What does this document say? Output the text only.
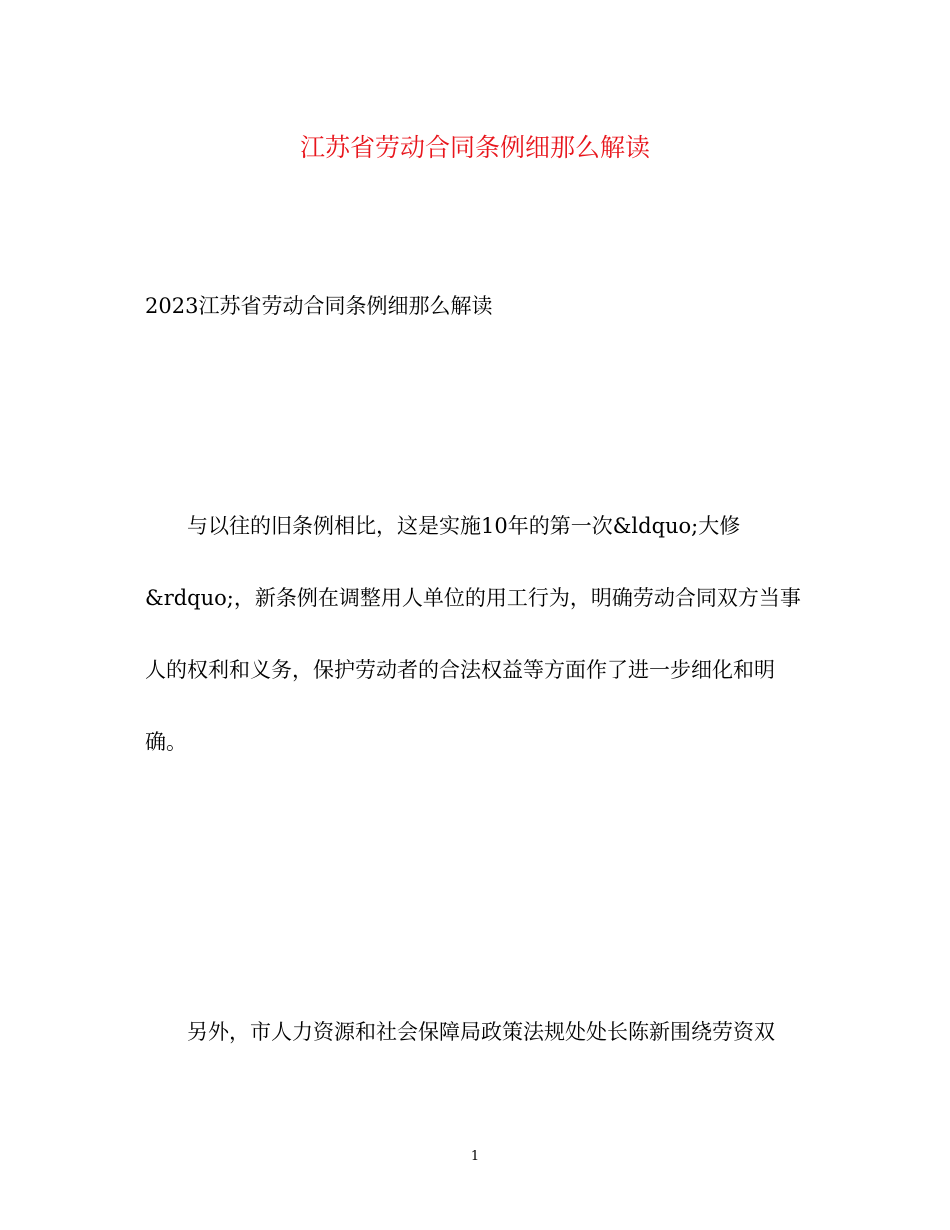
江苏省劳动合同条例细那么解读
2023江苏省劳动合同条例细那么解读
与以往的旧条例相比，这是实施10年的第一次&ldquo;大修
&rdquo;，新条例在调整用人单位的用工行为，明确劳动合同双方当事
人的权利和义务，保护劳动者的合法权益等方面作了进一步细化和明
确。
另外，市人力资源和社会保障局政策法规处处长陈新围绕劳资双
1
